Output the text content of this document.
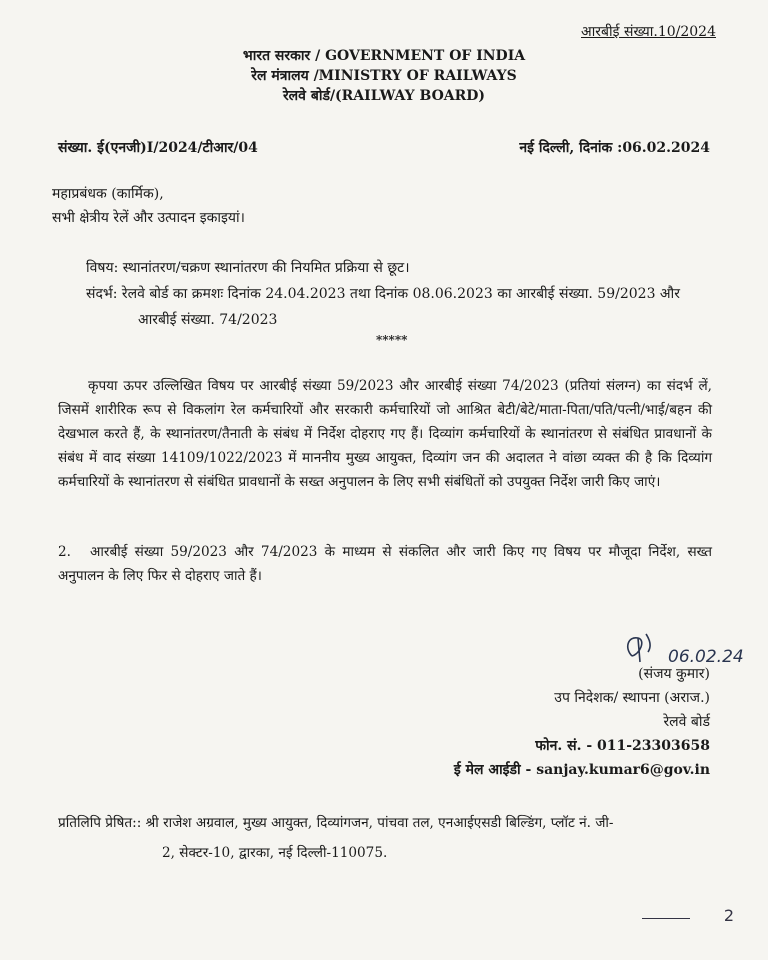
आरबीई संख्या.10/2024
भारत सरकार / GOVERNMENT OF INDIA
रेल मंत्रालय /MINISTRY OF RAILWAYS
रेलवे बोर्ड/(RAILWAY BOARD)
संख्या. ई(एनजी)I/2024/टीआर/04	नई दिल्ली, दिनांक :06.02.2024
महाप्रबंधक (कार्मिक),
सभी क्षेत्रीय रेलें और उत्पादन इकाइयां।
विषय: स्थानांतरण/चक्रण स्थानांतरण की नियमित प्रक्रिया से छूट।
संदर्भ: रेलवे बोर्ड का क्रमशः दिनांक 24.04.2023 तथा दिनांक 08.06.2023 का आरबीई संख्या. 59/2023 और
आरबीई संख्या. 74/2023
*****
कृपया ऊपर उल्लिखित विषय पर आरबीई संख्या 59/2023 और आरबीई संख्या 74/2023 (प्रतियां संलग्न) का संदर्भ लें, जिसमें शारीरिक रूप से विकलांग रेल कर्मचारियों और सरकारी कर्मचारियों जो आश्रित बेटी/बेटे/माता-पिता/पति/पत्नी/भाई/बहन की देखभाल करते हैं, के स्थानांतरण/तैनाती के संबंध में निर्देश दोहराए गए हैं। दिव्यांग कर्मचारियों के स्थानांतरण से संबंधित प्रावधानों के संबंध में वाद संख्या 14109/1022/2023 में माननीय मुख्य आयुक्त, दिव्यांग जन की अदालत ने वांछा व्यक्त की है कि दिव्यांग कर्मचारियों के स्थानांतरण से संबंधित प्रावधानों के सख्त अनुपालन के लिए सभी संबंधितों को उपयुक्त निर्देश जारी किए जाएं।
2. आरबीई संख्या 59/2023 और 74/2023 के माध्यम से संकलित और जारी किए गए विषय पर मौजूदा निर्देश, सख्त अनुपालन के लिए फिर से दोहराए जाते हैं।
06.02.24
(संजय कुमार)
उप निदेशक/ स्थापना (अराज.)
रेलवे बोर्ड
फोन. सं. - 011-23303658
ई मेल आईडी - sanjay.kumar6@gov.in
प्रतिलिपि प्रेषित:: श्री राजेश अग्रवाल, मुख्य आयुक्त, दिव्यांगजन, पांचवा तल, एनआईएसडी बिल्डिंग, प्लॉट नं. जी-
2, सेक्टर-10, द्वारका, नई दिल्ली-110075.
2
